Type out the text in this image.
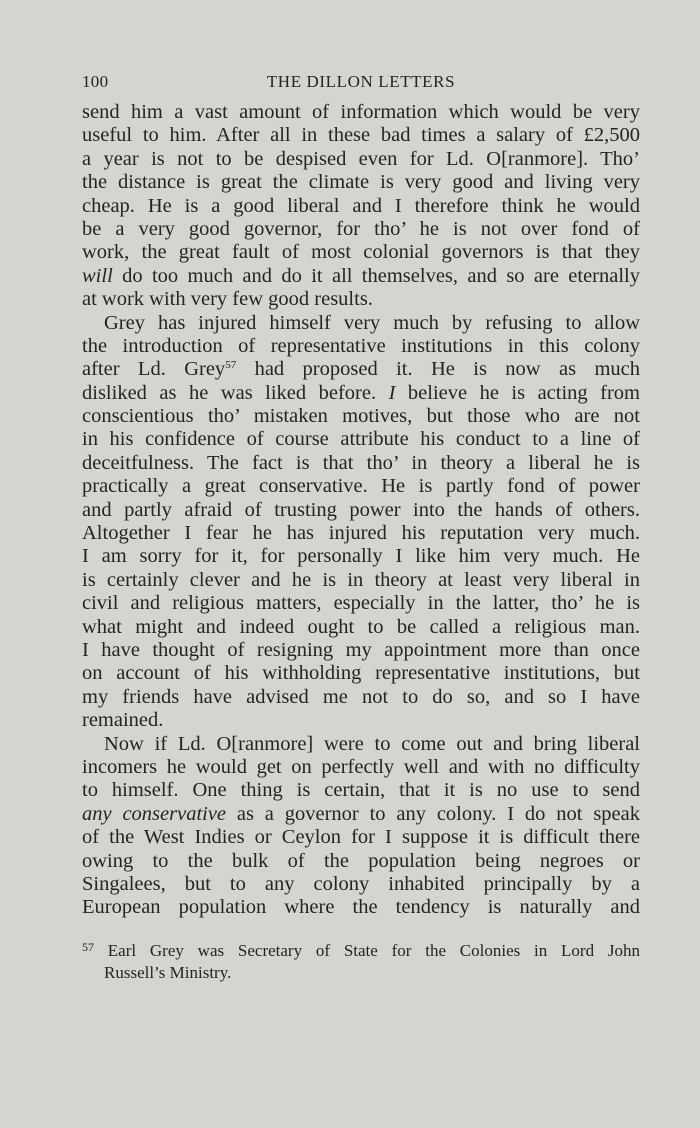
100	THE DILLON LETTERS
send him a vast amount of information which would be very
useful to him. After all in these bad times a salary of £2,500
a year is not to be despised even for Ld. O[ranmore]. Tho’
the distance is great the climate is very good and living very
cheap. He is a good liberal and I therefore think he would
be a very good governor, for tho’ he is not over fond of
work, the great fault of most colonial governors is that they
will do too much and do it all themselves, and so are eternally
at work with very few good results.
Grey has injured himself very much by refusing to allow
the introduction of representative institutions in this colony
after Ld. Grey$^{57}$ had proposed it. He is now as much
disliked as he was liked before. I believe he is acting from
conscientious tho’ mistaken motives, but those who are not
in his confidence of course attribute his conduct to a line of
deceitfulness. The fact is that tho’ in theory a liberal he is
practically a great conservative. He is partly fond of power
and partly afraid of trusting power into the hands of others.
Altogether I fear he has injured his reputation very much.
I am sorry for it, for personally I like him very much. He
is certainly clever and he is in theory at least very liberal in
civil and religious matters, especially in the latter, tho’ he is
what might and indeed ought to be called a religious man.
I have thought of resigning my appointment more than once
on account of his withholding representative institutions, but
my friends have advised me not to do so, and so I have
remained.
Now if Ld. O[ranmore] were to come out and bring liberal
incomers he would get on perfectly well and with no difficulty
to himself. One thing is certain, that it is no use to send
any conservative as a governor to any colony. I do not speak
of the West Indies or Ceylon for I suppose it is difficult there
owing to the bulk of the population being negroes or
Singalees, but to any colony inhabited principally by a
European population where the tendency is naturally and
$^{57}$ Earl Grey was Secretary of State for the Colonies in Lord John
Russell’s Ministry.
